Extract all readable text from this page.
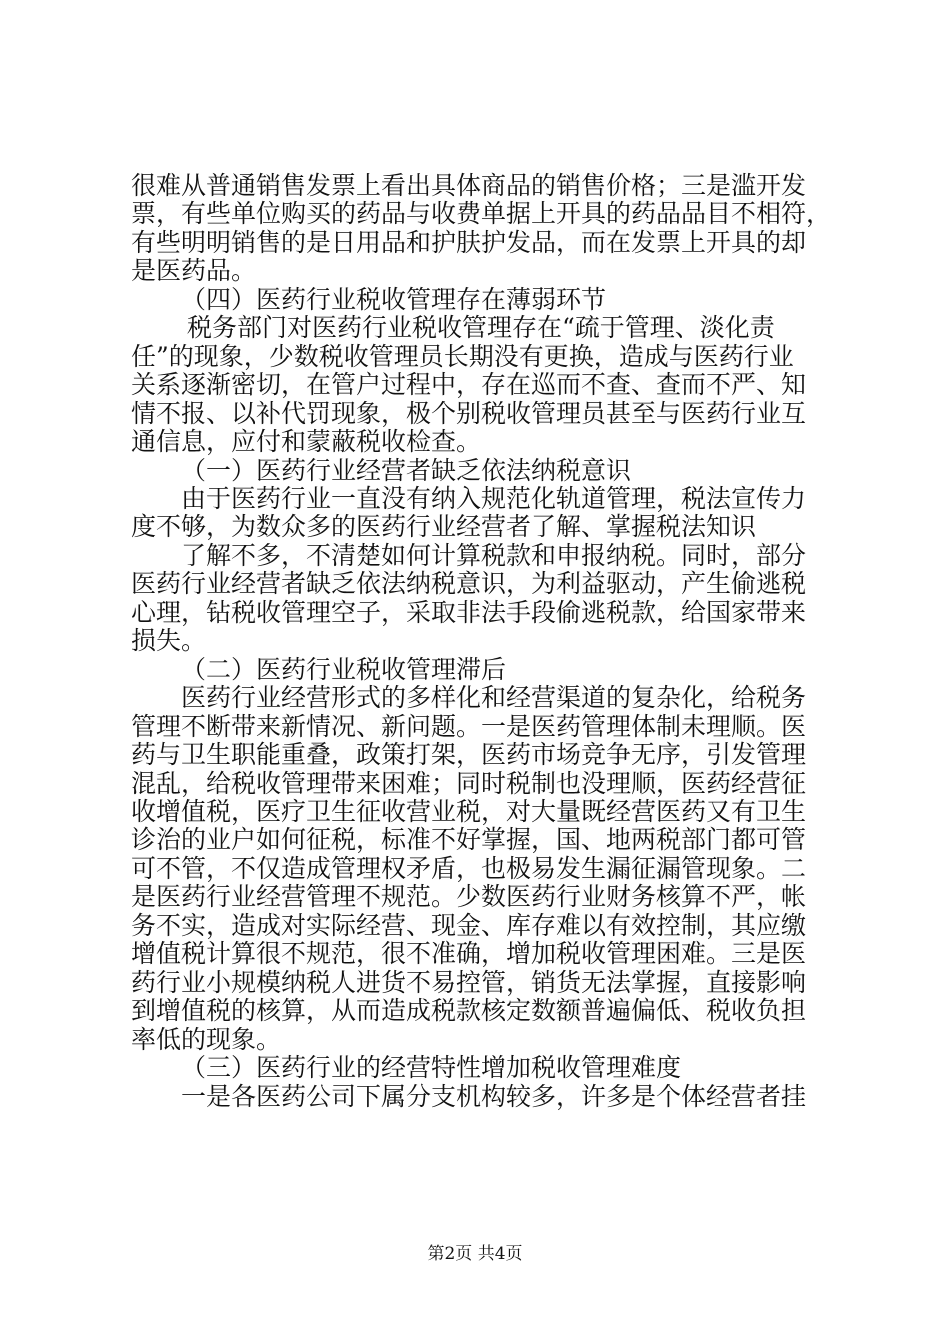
很难从普通销售发票上看出具体商品的销售价格；三是滥开发
票，有些单位购买的药品与收费单据上开具的药品品目不相符，
有些明明销售的是日用品和护肤护发品，而在发票上开具的却
是医药品。
（四）医药行业税收管理存在薄弱环节
税务部门对医药行业税收管理存在“疏于管理、淡化责
任”的现象，少数税收管理员长期没有更换，造成与医药行业
关系逐渐密切，在管户过程中，存在巡而不查、查而不严、知
情不报、以补代罚现象，极个别税收管理员甚至与医药行业互
通信息，应付和蒙蔽税收检查。
（一）医药行业经营者缺乏依法纳税意识
由于医药行业一直没有纳入规范化轨道管理，税法宣传力
度不够，为数众多的医药行业经营者了解、掌握税法知识
了解不多，不清楚如何计算税款和申报纳税。同时，部分
医药行业经营者缺乏依法纳税意识，为利益驱动，产生偷逃税
心理，钻税收管理空子，采取非法手段偷逃税款，给国家带来
损失。
（二）医药行业税收管理滞后
医药行业经营形式的多样化和经营渠道的复杂化，给税务
管理不断带来新情况、新问题。一是医药管理体制未理顺。医
药与卫生职能重叠，政策打架，医药市场竞争无序，引发管理
混乱，给税收管理带来困难；同时税制也没理顺，医药经营征
收增值税，医疗卫生征收营业税，对大量既经营医药又有卫生
诊治的业户如何征税，标准不好掌握，国、地两税部门都可管
可不管，不仅造成管理权矛盾，也极易发生漏征漏管现象。二
是医药行业经营管理不规范。少数医药行业财务核算不严，帐
务不实，造成对实际经营、现金、库存难以有效控制，其应缴
增值税计算很不规范，很不准确，增加税收管理困难。三是医
药行业小规模纳税人进货不易控管，销货无法掌握，直接影响
到增值税的核算，从而造成税款核定数额普遍偏低、税收负担
率低的现象。
（三）医药行业的经营特性增加税收管理难度
一是各医药公司下属分支机构较多，许多是个体经营者挂
第2页 共4页
